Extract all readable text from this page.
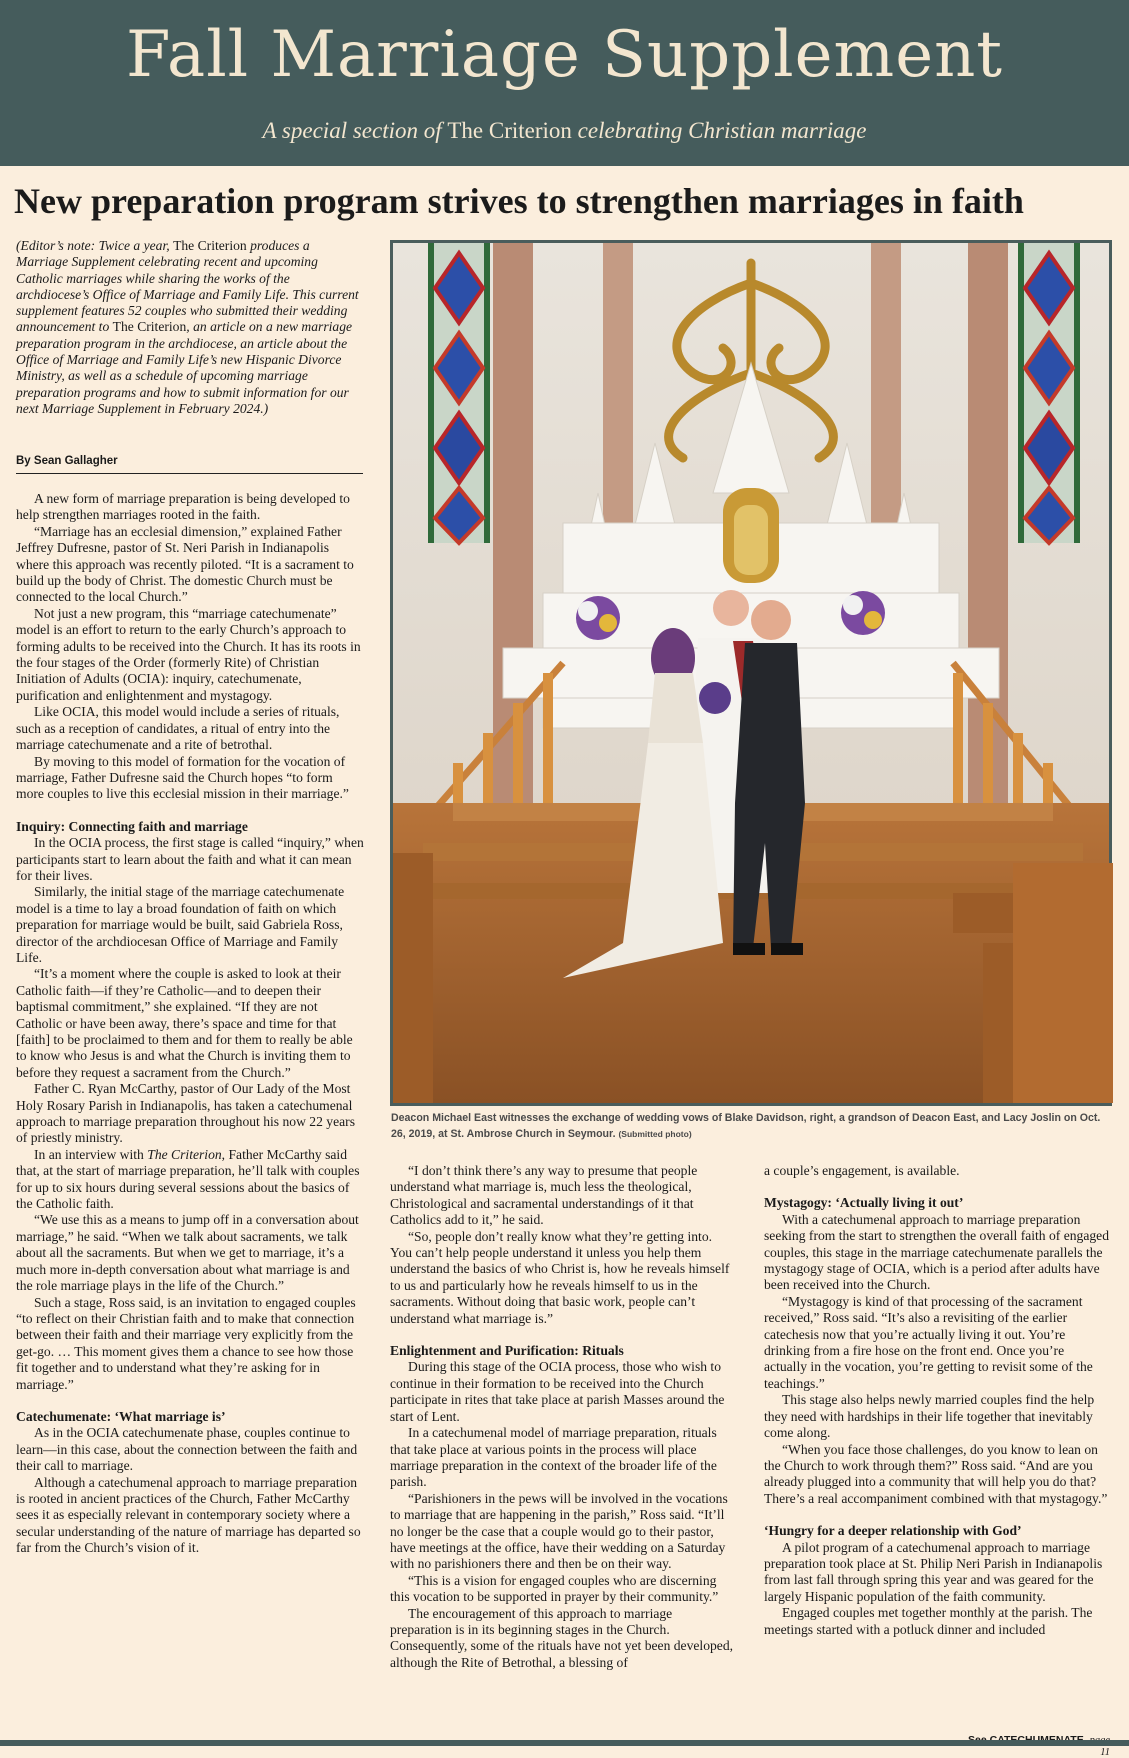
Fall Marriage Supplement
A special section of The Criterion celebrating Christian marriage
New preparation program strives to strengthen marriages in faith
(Editor’s note: Twice a year, The Criterion produces a Marriage Supplement celebrating recent and upcoming Catholic marriages while sharing the works of the archdiocese’s Office of Marriage and Family Life. This current supplement features 52 couples who submitted their wedding announcement to The Criterion, an article on a new marriage preparation program in the archdiocese, an article about the Office of Marriage and Family Life’s new Hispanic Divorce Ministry, as well as a schedule of upcoming marriage preparation programs and how to submit information for our next Marriage Supplement in February 2024.)
By Sean Gallagher

A new form of marriage preparation is being developed to help strengthen marriages rooted in the faith.

“Marriage has an ecclesial dimension,” explained Father Jeffrey Dufresne, pastor of St. Neri Parish in Indianapolis where this approach was recently piloted. “It is a sacrament to build up the body of Christ. The domestic Church must be connected to the local Church.”

Not just a new program, this “marriage catechumenate” model is an effort to return to the early Church’s approach to forming adults to be received into the Church. It has its roots in the four stages of the Order (formerly Rite) of Christian Initiation of Adults (OCIA): inquiry, catechumenate, purification and enlightenment and mystagogy.

Like OCIA, this model would include a series of rituals, such as a reception of candidates, a ritual of entry into the marriage catechumenate and a rite of betrothal.

By moving to this model of formation for the vocation of marriage, Father Dufresne said the Church hopes “to form more couples to live this ecclesial mission in their marriage.”

Inquiry: Connecting faith and marriage

In the OCIA process, the first stage is called “inquiry,” when participants start to learn about the faith and what it can mean for their lives.

Similarly, the initial stage of the marriage catechumenate model is a time to lay a broad foundation of faith on which preparation for marriage would be built, said Gabriela Ross, director of the archdiocesan Office of Marriage and Family Life.

“It’s a moment where the couple is asked to look at their Catholic faith—if they’re Catholic—and to deepen their baptismal commitment,” she explained. “If they are not Catholic or have been away, there’s space and time for that [faith] to be proclaimed to them and for them to really be able to know who Jesus is and what the Church is inviting them to before they request a sacrament from the Church.”

Father C. Ryan McCarthy, pastor of Our Lady of the Most Holy Rosary Parish in Indianapolis, has taken a catechumenal approach to marriage preparation throughout his now 22 years of priestly ministry.

In an interview with The Criterion, Father McCarthy said that, at the start of marriage preparation, he’ll talk with couples for up to six hours during several sessions about the basics of the Catholic faith.

“We use this as a means to jump off in a conversation about marriage,” he said. “When we talk about sacraments, we talk about all the sacraments. But when we get to marriage, it’s a much more in-depth conversation about what marriage is and the role marriage plays in the life of the Church.”

Such a stage, Ross said, is an invitation to engaged couples “to reflect on their Christian faith and to make that connection between their faith and their marriage very explicitly from the get-go. … This moment gives them a chance to see how those fit together and to understand what they’re asking for in marriage.”

Catechumenate: ‘What marriage is’

As in the OCIA catechumenate phase, couples continue to learn—in this case, about the connection between the faith and their call to marriage.

Although a catechumenal approach to marriage preparation is rooted in ancient practices of the Church, Father McCarthy sees it as especially relevant in contemporary society where a secular understanding of the nature of marriage has departed so far from the Church’s vision of it.

Deacon Michael East witnesses the exchange of wedding vows of Blake Davidson, right, a grandson of Deacon East, and Lacy Joslin on Oct. 26, 2019, at St. Ambrose Church in Seymour. (Submitted photo)

“I don’t think there’s any way to presume that people understand what marriage is, much less the theological, Christological and sacramental understandings of it that Catholics add to it,” he said.

“So, people don’t really know what they’re getting into. You can’t help people understand it unless you help them understand the basics of who Christ is, how he reveals himself to us and particularly how he reveals himself to us in the sacraments. Without doing that basic work, people can’t understand what marriage is.”

Enlightenment and Purification: Rituals

During this stage of the OCIA process, those who wish to continue in their formation to be received into the Church participate in rites that take place at parish Masses around the start of Lent.

In a catechumenal model of marriage preparation, rituals that take place at various points in the process will place marriage preparation in the context of the broader life of the parish.

“Parishioners in the pews will be involved in the vocations to marriage that are happening in the parish,” Ross said. “It’ll no longer be the case that a couple would go to their pastor, have meetings at the office, have their wedding on a Saturday with no parishioners there and then be on their way.

“This is a vision for engaged couples who are discerning this vocation to be supported in prayer by their community.”

The encouragement of this approach to marriage preparation is in its beginning stages in the Church. Consequently, some of the rituals have not yet been developed, although the Rite of Betrothal, a blessing of

a couple’s engagement, is available.

Mystagogy: ‘Actually living it out’

With a catechumenal approach to marriage preparation seeking from the start to strengthen the overall faith of engaged couples, this stage in the marriage catechumenate parallels the mystagogy stage of OCIA, which is a period after adults have been received into the Church.

“Mystagogy is kind of that processing of the sacrament received,” Ross said. “It’s also a revisiting of the earlier catechesis now that you’re actually living it out. You’re drinking from a fire hose on the front end. Once you’re actually in the vocation, you’re getting to revisit some of the teachings.”

This stage also helps newly married couples find the help they need with hardships in their life together that inevitably come along.

“When you face those challenges, do you know to lean on the Church to work through them?” Ross said. “And are you already plugged into a community that will help you do that? There’s a real accompaniment combined with that mystagogy.”

‘Hungry for a deeper relationship with God’

A pilot program of a catechumenal approach to marriage preparation took place at St. Philip Neri Parish in Indianapolis from last fall through spring this year and was geared for the largely Hispanic population of the faith community.

Engaged couples met together monthly at the parish. The meetings started with a potluck dinner and included

11
